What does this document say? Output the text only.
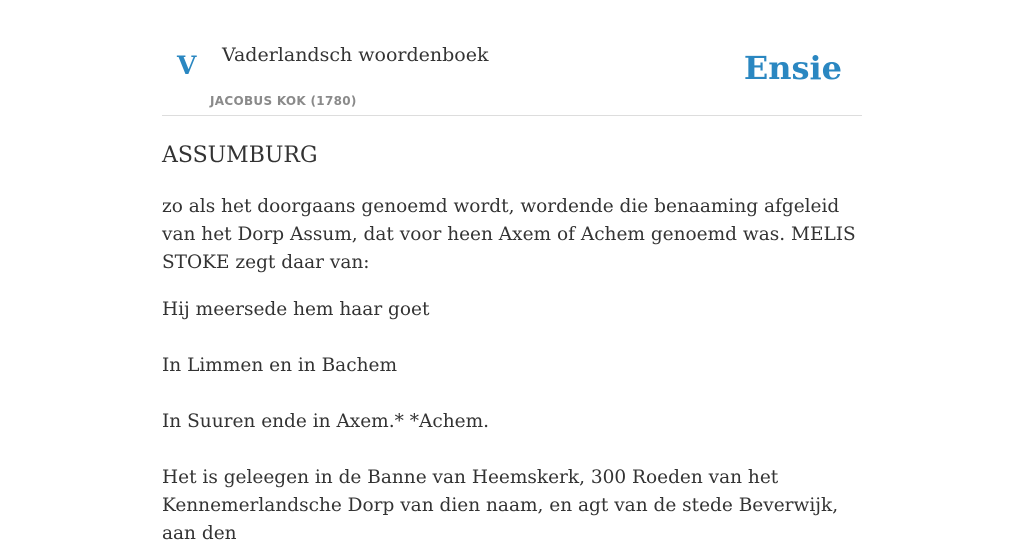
V Vaderlandsch woordenboek
JACOBUS KOK (1780)
Ensie
ASSUMBURG

zo als het doorgaans genoemd wordt, wordende die benaaming afgeleid van het Dorp Assum, dat voor heen Axem of Achem genoemd was. MELIS STOKE zegt daar van:

Hij meersede hem haar goet

In Limmen en in Bachem

In Suuren ende in Axem.* *Achem.

Het is geleegen in de Banne van Heemskerk, 300 Roeden van het Kennemerlandsche Dorp van dien naam, en agt van de stede Beverwijk, aan den
